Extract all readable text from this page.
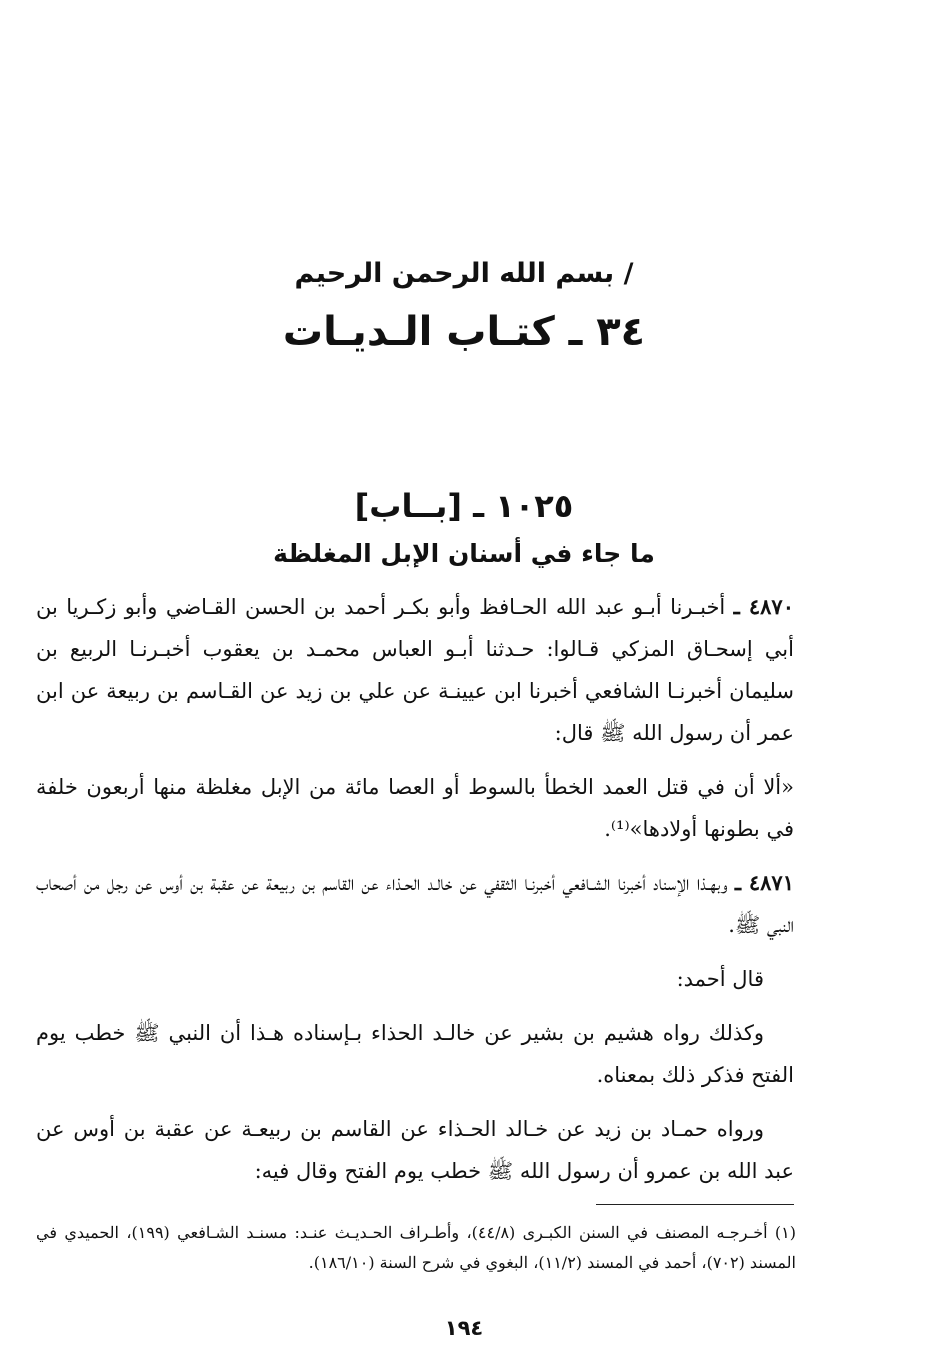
/ بسم الله الرحمن الرحيم
٣٤ ـ كتـاب الـديـات
١٠٢٥ ـ [بــاب]
ما جاء في أسنان الإبل المغلظة

٤٨٧٠ ـ أخبـرنا أبـو عبد الله الحـافظ وأبو بكـر أحمد بن الحسن القـاضي وأبو زكـريا بن أبي إسحـاق المزكي قـالوا: حـدثنا أبـو العباس محمـد بن يعقوب أخبـرنـا الربيع بن سليمان أخبرنـا الشافعي أخبرنا ابن عيينـة عن علي بن زيد عن القـاسم بن ربيعة عن ابن عمر أن رسول الله ﷺ قال:

«ألا أن في قتل العمد الخطأ بالسوط أو العصا مائة من الإبل مغلظة منها أربعون خلفة في بطونها أولادها»⁽¹⁾.

٤٨٧١ ـ وبهـذا الإسناد أخبرنا الشـافعي أخبرنـا الثقفي عن خالـد الحـذاء عن القاسم بن ربيعة عن عقبة بن أوس عن رجل من أصحاب النبي ﷺ.

قال أحمد:

وكذلك رواه هشيم بن بشير عن خالـد الحذاء بـإسناده هـذا أن النبي ﷺ خطب يوم الفتح فذكر ذلك بمعناه.

ورواه حمـاد بن زيد عن خـالد الحـذاء عن القاسم بن ربيعـة عن عقبة بن أوس عن عبد الله بن عمرو أن رسول الله ﷺ خطب يوم الفتح وقال فيه:

(١) أخـرجـه المصنف في السنن الكبـرى (٤٤/٨)، وأطـراف الحـديـث عنـد: مسنـد الشـافعي (١٩٩)، الحميدي في المسند (٧٠٢)، أحمد في المسند (١١/٢)، البغوي في شرح السنة (١٨٦/١٠).

١٩٤
